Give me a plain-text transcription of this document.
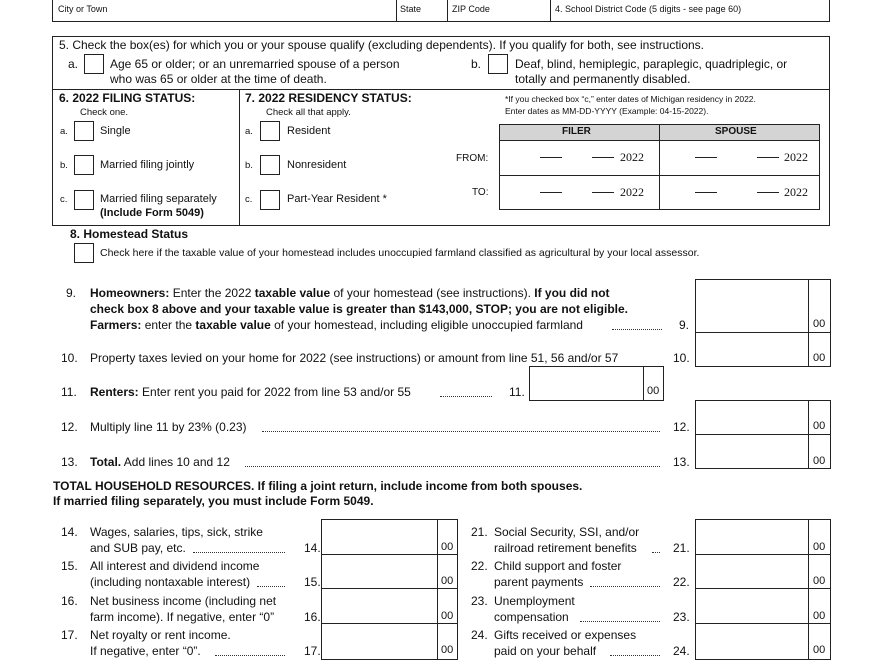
City or Town	State	ZIP Code	4. School District Code (5 digits - see page 60)
5. Check the box(es) for which you or your spouse qualify (excluding dependents). If you qualify for both, see instructions.
a.	Age 65 or older; or an unremarried spouse of a person
who was 65 or older at the time of death.
b.	Deaf, blind, hemiplegic, paraplegic, quadriplegic, or
totally and permanently disabled.
6. 2022 FILING STATUS:
Check one.
a.	Single
b.	Married filing jointly
c.	Married filing separately
(Include Form 5049)
7. 2022 RESIDENCY STATUS:
Check all that apply.
a.	Resident
b.	Nonresident
c.	Part-Year Resident *
*If you checked box “c,” enter dates of Michigan residency in 2022.
Enter dates as MM-DD-YYYY (Example: 04-15-2022).
FILER	SPOUSE
FROM:
TO:
2022	2022
2022	2022
8. Homestead Status
Check here if the taxable value of your homestead includes unoccupied farmland classified as agricultural by your local assessor.
9. Homeowners: Enter the 2022 taxable value of your homestead (see instructions). If you did not
check box 8 above and your taxable value is greater than $143,000, STOP; you are not eligible.
Farmers: enter the taxable value of your homestead, including eligible unoccupied farmland	9.	00
10. Property taxes levied on your home for 2022 (see instructions) or amount from line 51, 56 and/or 57	10.	00
11. Renters: Enter rent you paid for 2022 from line 53 and/or 55	11.	00
12. Multiply line 11 by 23% (0.23)	12.	00
13. Total. Add lines 10 and 12	13.	00
TOTAL HOUSEHOLD RESOURCES. If filing a joint return, include income from both spouses.
If married filing separately, you must include Form 5049.
14. Wages, salaries, tips, sick, strike
and SUB pay, etc.	14.	00
15. All interest and dividend income
(including nontaxable interest)	15.	00
16. Net business income (including net
farm income). If negative, enter “0” 16.	00
17. Net royalty or rent income.
If negative, enter “0”.	17.	00
21. Social Security, SSI, and/or
railroad retirement benefits	21.	00
22. Child support and foster
parent payments	22.	00
23. Unemployment
compensation	23.	00
24. Gifts received or expenses
paid on your behalf	24.	00
